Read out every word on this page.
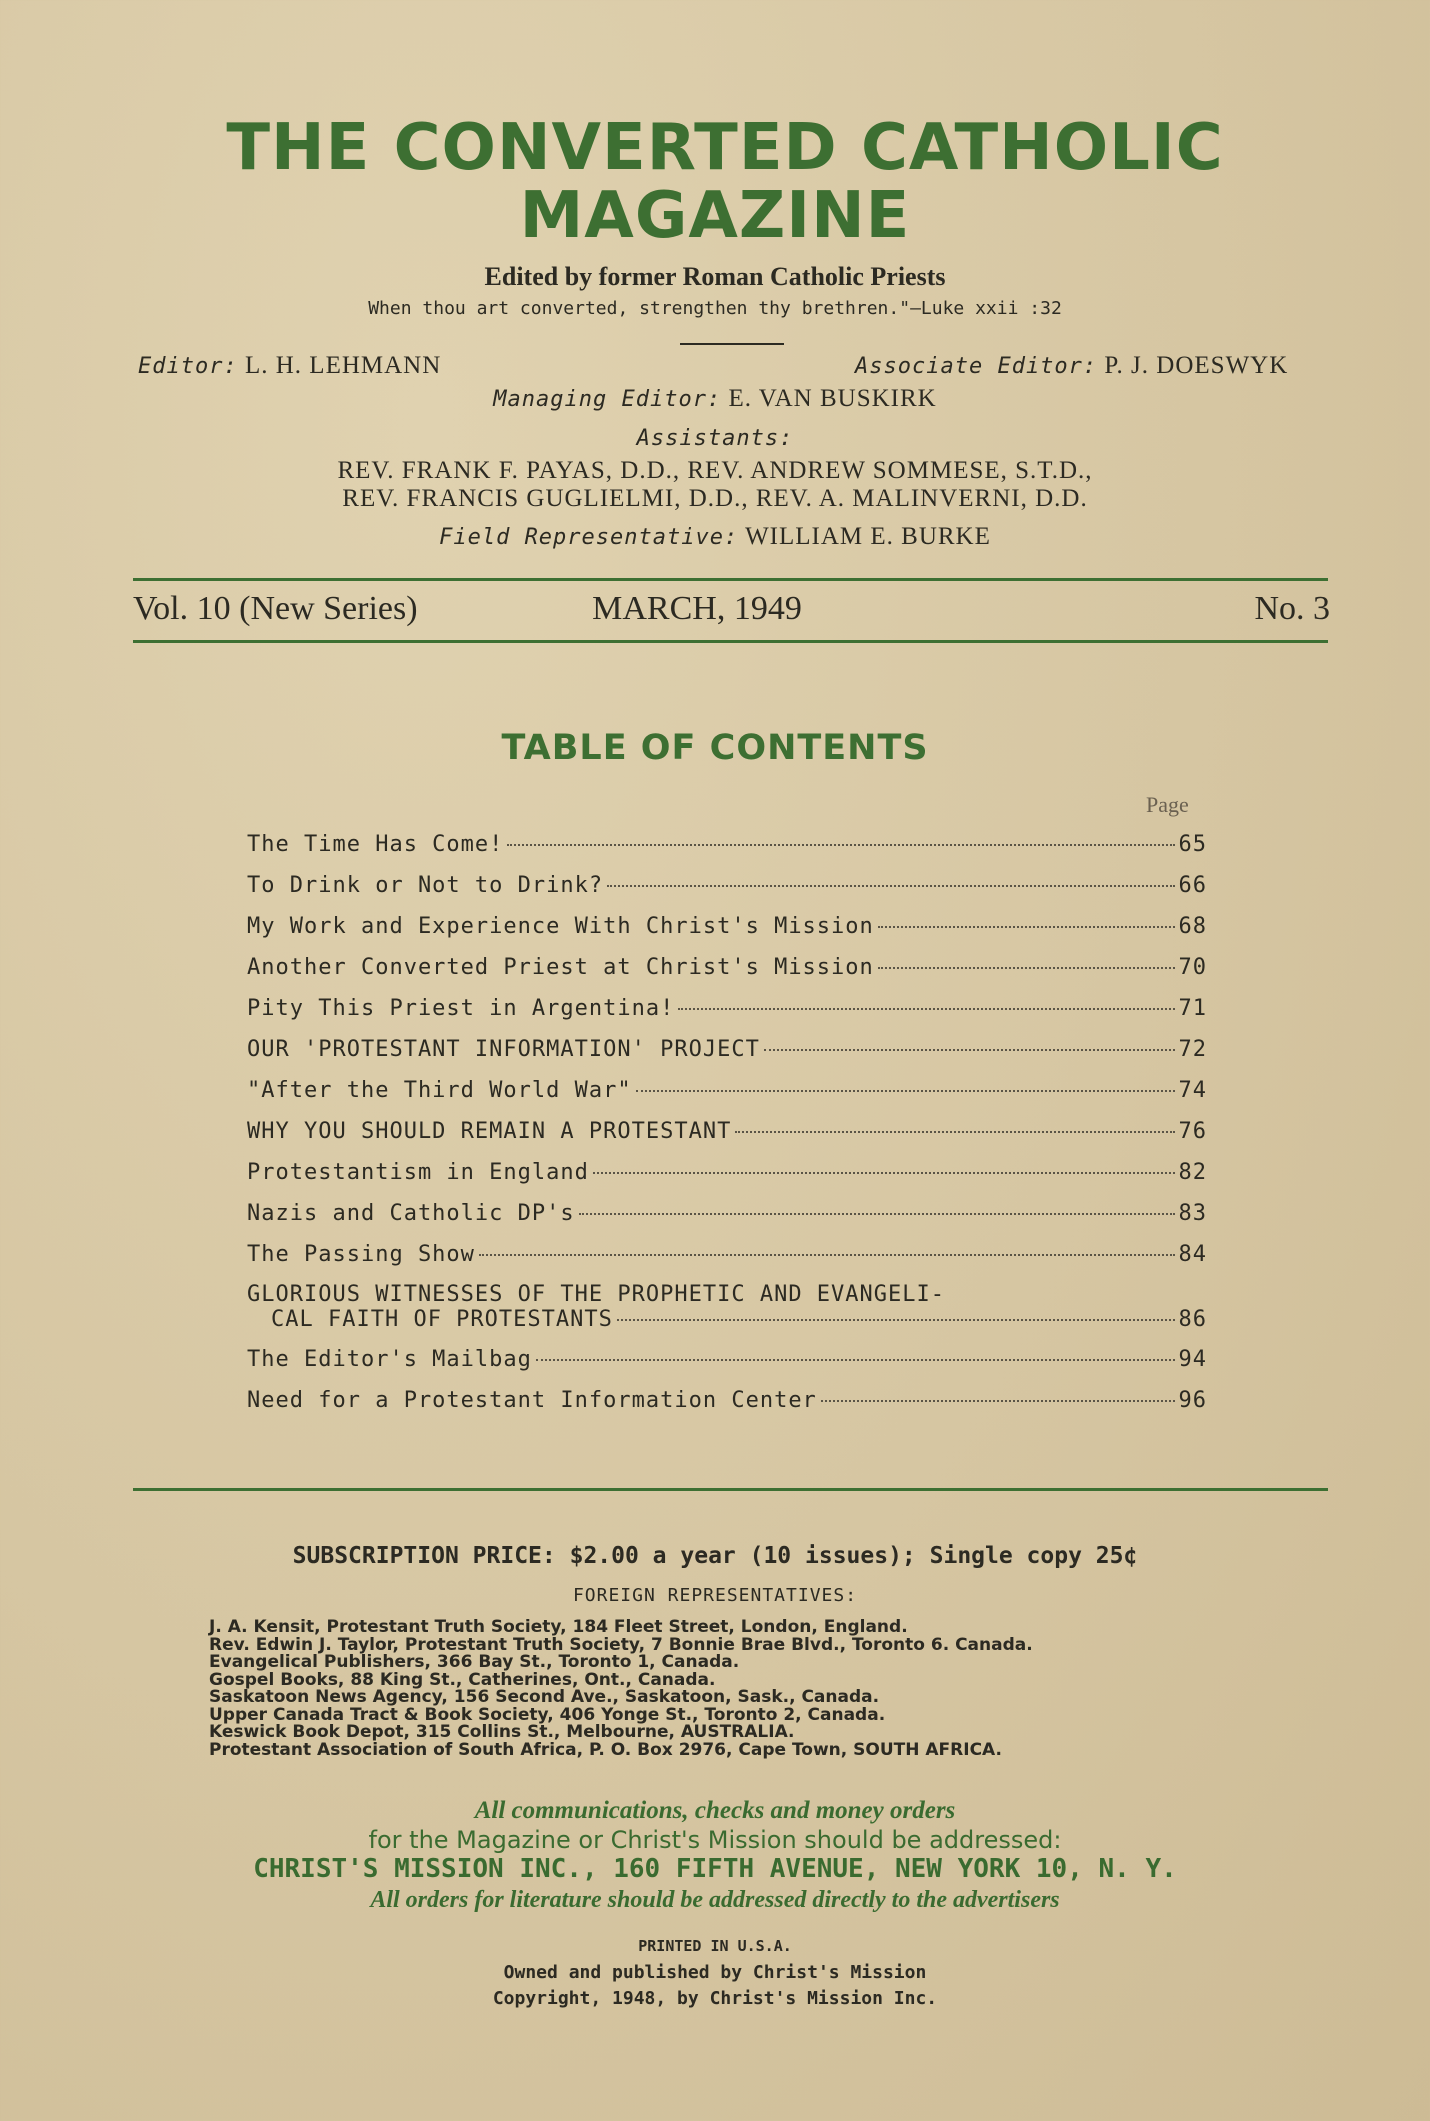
THE CONVERTED CATHOLIC
MAGAZINE
Edited by former Roman Catholic Priests
When thou art converted, strengthen thy brethren."—Luke xxii :32
Editor: L. H. LEHMANN	Associate Editor: P. J. DOESWYK
Managing Editor: E. VAN BUSKIRK
Assistants:
REV. FRANK F. PAYAS, D.D., REV. ANDREW SOMMESE, S.T.D.,
REV. FRANCIS GUGLIELMI, D.D., REV. A. MALINVERNI, D.D.
Field Representative: WILLIAM E. BURKE
Vol. 10 (New Series)	MARCH, 1949	No. 3
TABLE OF CONTENTS
Page
The Time Has Come!	65
To Drink or Not to Drink?	66
My Work and Experience With Christ's Mission	68
Another Converted Priest at Christ's Mission	70
Pity This Priest in Argentina!	71
OUR 'PROTESTANT INFORMATION' PROJECT	72
"After the Third World War"	74
WHY YOU SHOULD REMAIN A PROTESTANT	76
Protestantism in England	82
Nazis and Catholic DP's	83
The Passing Show	84
GLORIOUS WITNESSES OF THE PROPHETIC AND EVANGELI-
CAL FAITH OF PROTESTANTS	86
The Editor's Mailbag	94
Need for a Protestant Information Center	96
SUBSCRIPTION PRICE: $2.00 a year (10 issues); Single copy 25¢
FOREIGN REPRESENTATIVES:
J. A. Kensit, Protestant Truth Society, 184 Fleet Street, London, England.
Rev. Edwin J. Taylor, Protestant Truth Society, 7 Bonnie Brae Blvd., Toronto 6. Canada.
Evangelical Publishers, 366 Bay St., Toronto 1, Canada.
Gospel Books, 88 King St., Catherines, Ont., Canada.
Saskatoon News Agency, 156 Second Ave., Saskatoon, Sask., Canada.
Upper Canada Tract & Book Society, 406 Yonge St., Toronto 2, Canada.
Keswick Book Depot, 315 Collins St., Melbourne, AUSTRALIA.
Protestant Association of South Africa, P. O. Box 2976, Cape Town, SOUTH AFRICA.
All communications, checks and money orders
for the Magazine or Christ's Mission should be addressed:
CHRIST'S MISSION INC., 160 FIFTH AVENUE, NEW YORK 10, N. Y.
All orders for literature should be addressed directly to the advertisers
PRINTED IN U.S.A.
Owned and published by Christ's Mission
Copyright, 1948, by Christ's Mission Inc.
